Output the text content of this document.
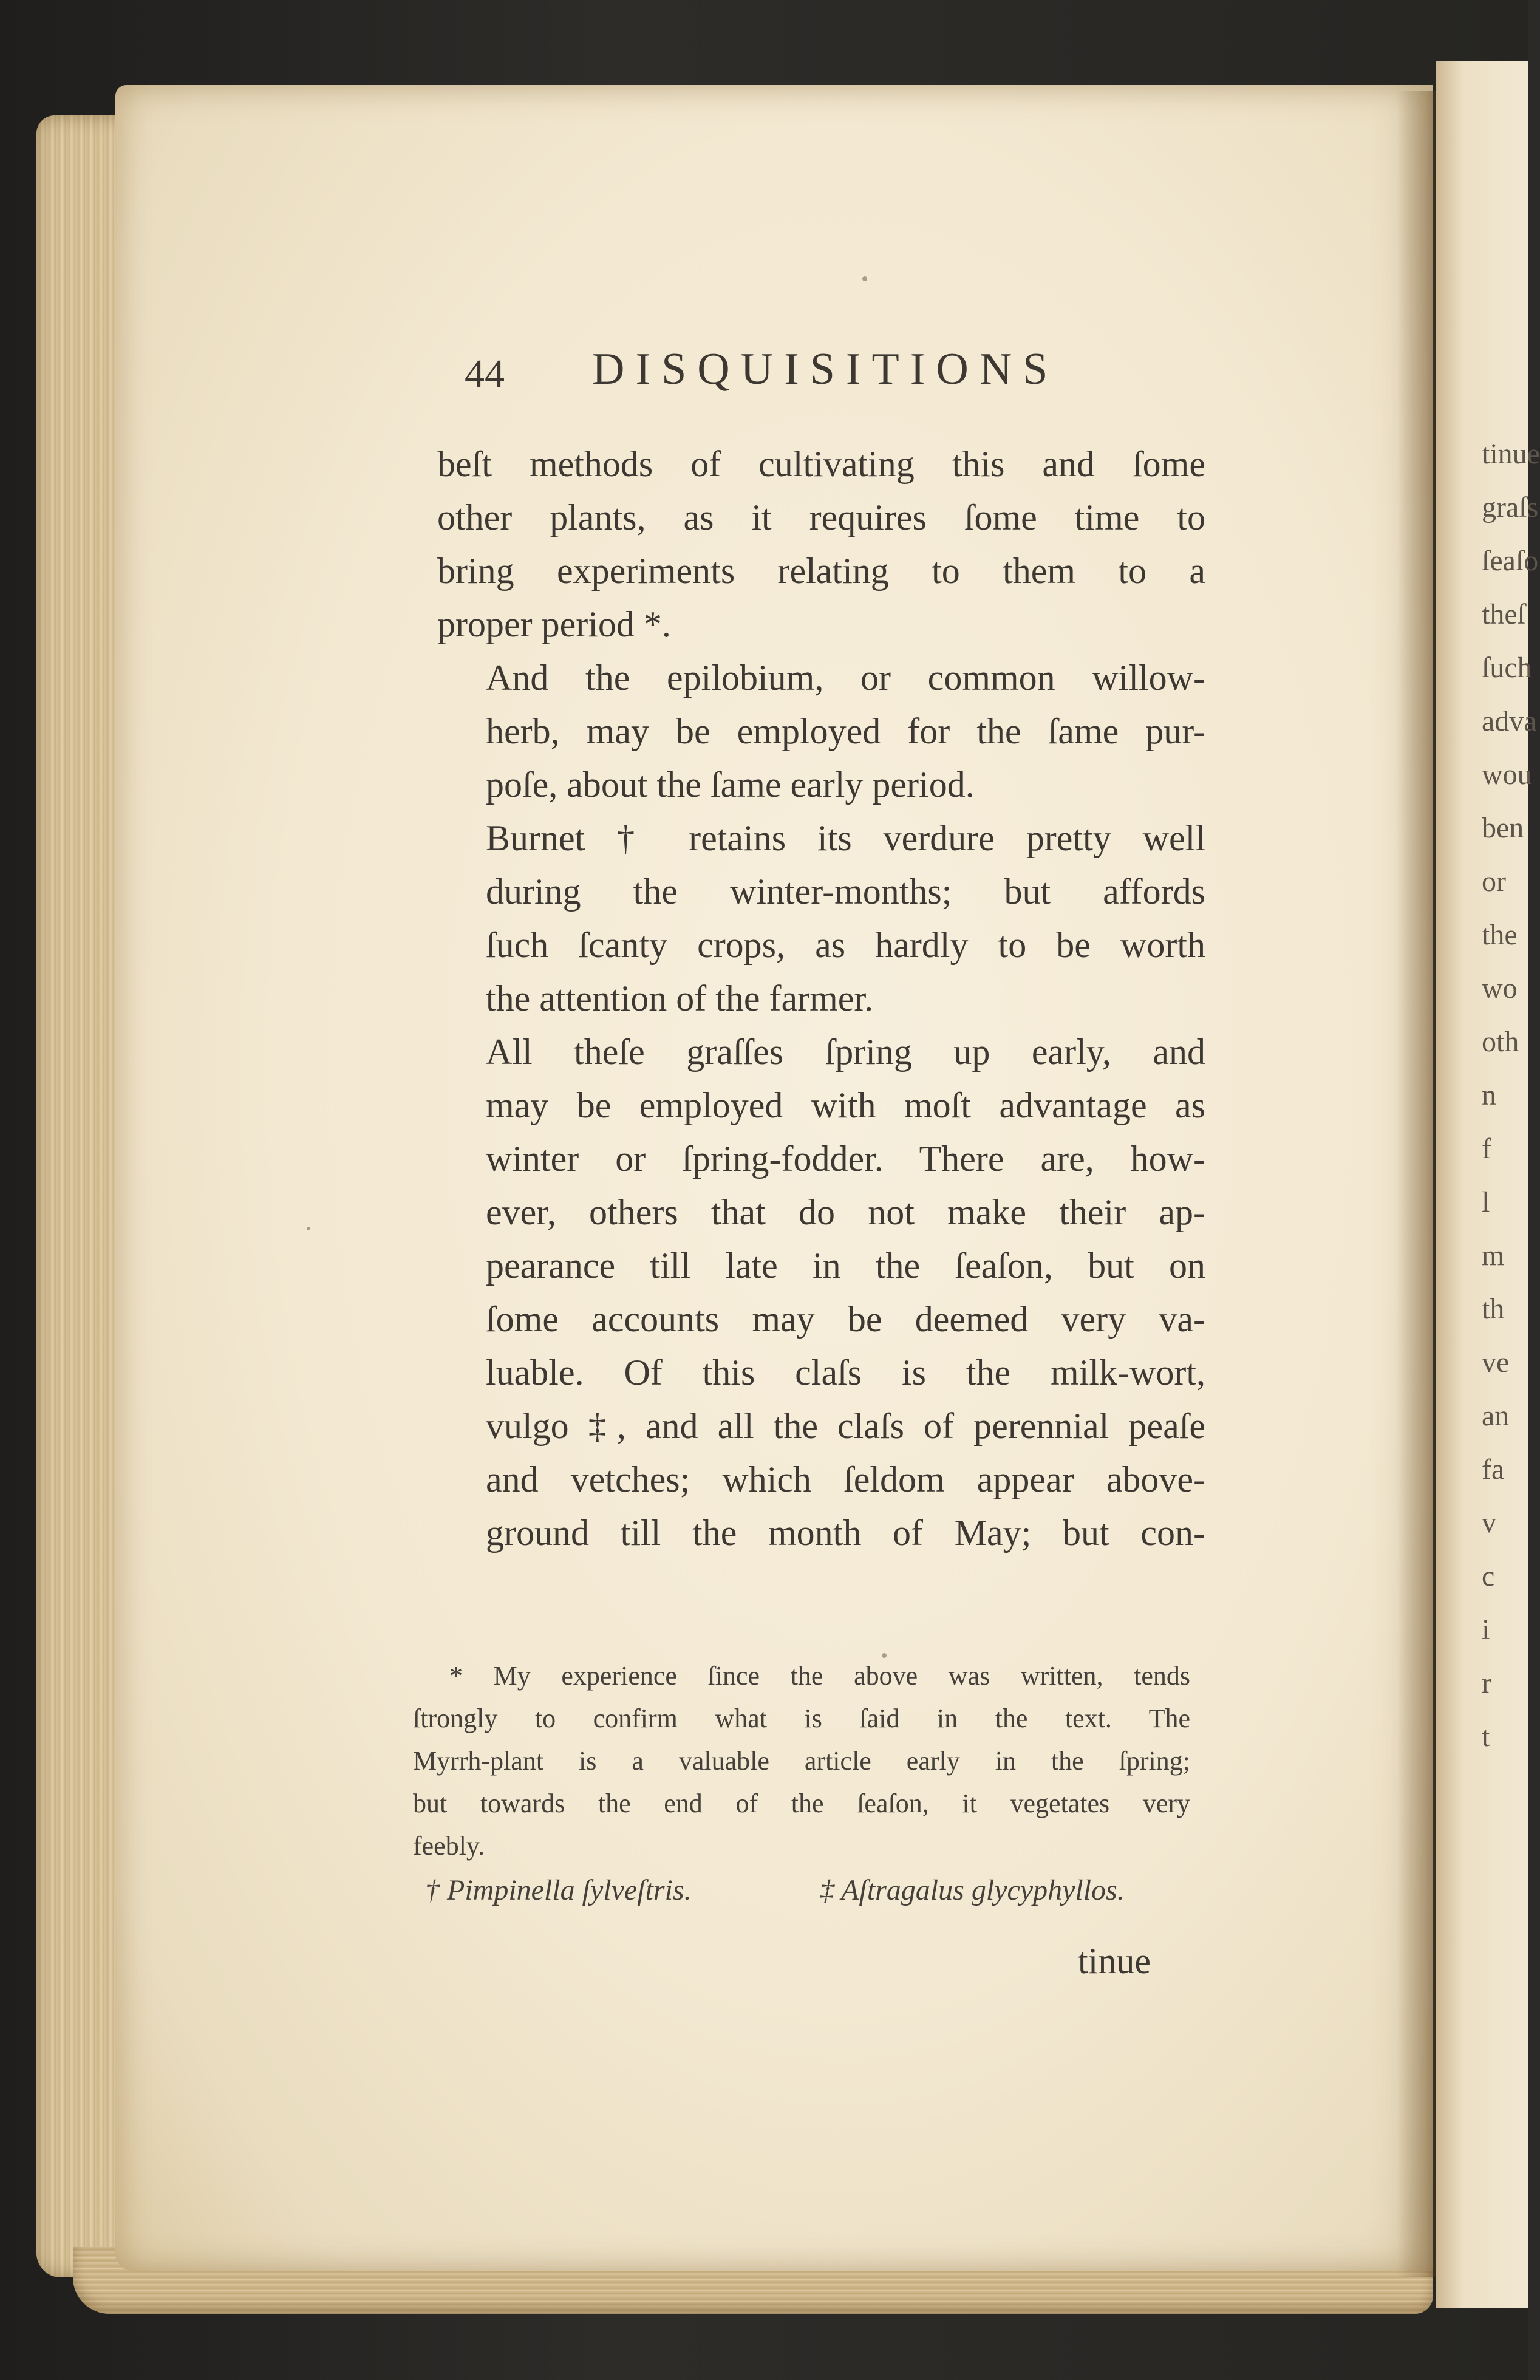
tinue
graſs
ſeaſo
theſ
ſuch
adva
wou
ben
or
the
wo
oth
n
f
l
m
th
ve
an
fa
v
c
i
r
t
44 DISQUISITIONS

beſt methods of cultivating this and ſome
other plants, as it requires ſome time to
bring experiments relating to them to a
proper period *.

And the epilobium, or common willow-
herb, may be employed for the ſame pur-
poſe, about the ſame early period.

Burnet † retains its verdure pretty well
during the winter-months; but affords
ſuch ſcanty crops, as hardly to be worth
the attention of the farmer.

All theſe graſſes ſpring up early, and
may be employed with moſt advantage as
winter or ſpring-fodder. There are, how-
ever, others that do not make their ap-
pearance till late in the ſeaſon, but on
ſome accounts may be deemed very va-
luable. Of this claſs is the milk-wort,
vulgo ‡, and all the claſs of perennial peaſe
and vetches; which ſeldom appear above-
ground till the month of May; but con-

* My experience ſince the above was written, tends
ſtrongly to confirm what is ſaid in the text. The
Myrrh-plant is a valuable article early in the ſpring;
but towards the end of the ſeaſon, it vegetates very
feebly.
† Pimpinella ſylveſtris.	‡ Aſtragalus glycyphyllos.
tinue
